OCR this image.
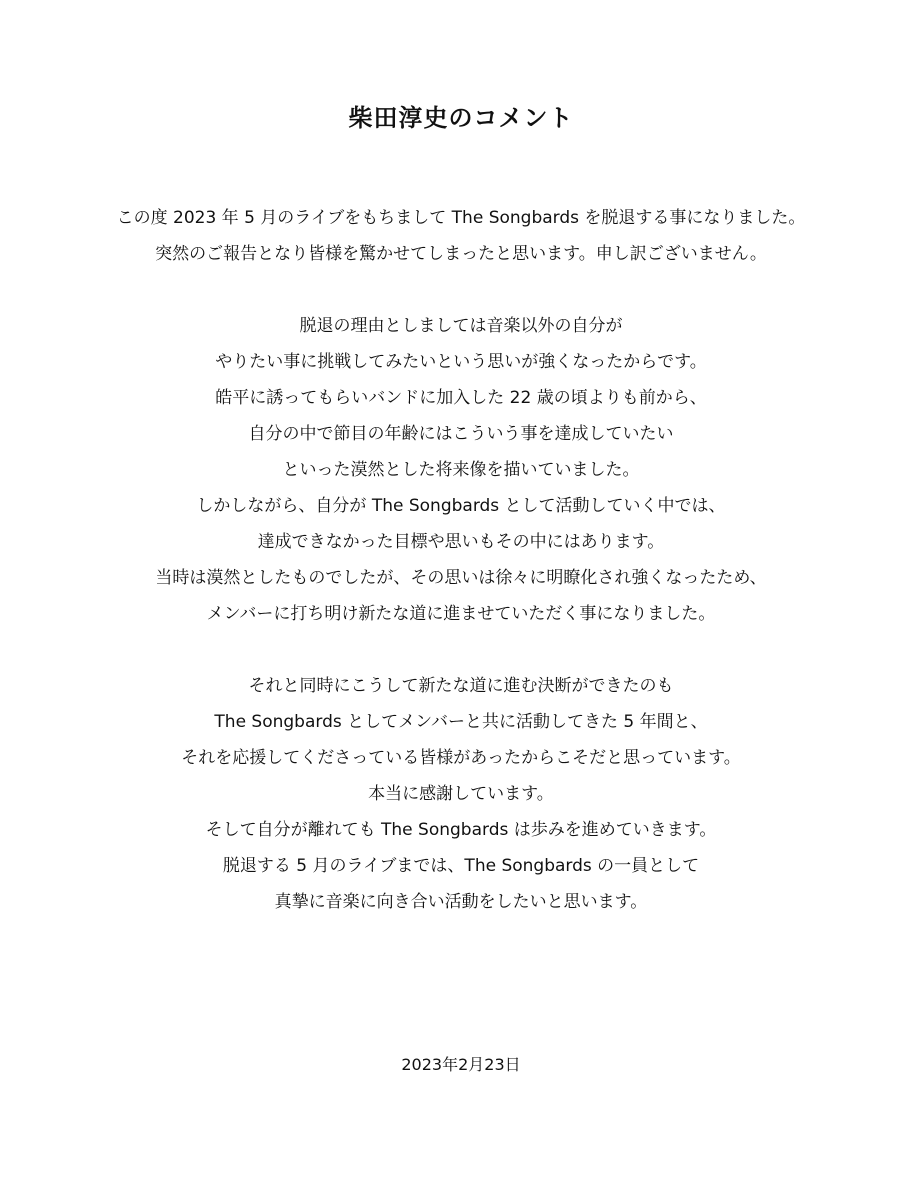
柴田淳史のコメント
この度 2023 年 5 月のライブをもちまして The Songbards を脱退する事になりました。
突然のご報告となり皆様を驚かせてしまったと思います。申し訳ございません。
脱退の理由としましては音楽以外の自分が
やりたい事に挑戦してみたいという思いが強くなったからです。
皓平に誘ってもらいバンドに加入した 22 歳の頃よりも前から、
自分の中で節目の年齢にはこういう事を達成していたい
といった漠然とした将来像を描いていました。
しかしながら、自分が The Songbards として活動していく中では、
達成できなかった目標や思いもその中にはあります。
当時は漠然としたものでしたが、その思いは徐々に明瞭化され強くなったため、
メンバーに打ち明け新たな道に進ませていただく事になりました。
それと同時にこうして新たな道に進む決断ができたのも
The Songbards としてメンバーと共に活動してきた 5 年間と、
それを応援してくださっている皆様があったからこそだと思っています。
本当に感謝しています。
そして自分が離れても The Songbards は歩みを進めていきます。
脱退する 5 月のライブまでは、The Songbards の一員として
真摯に音楽に向き合い活動をしたいと思います。
2023年2月23日
